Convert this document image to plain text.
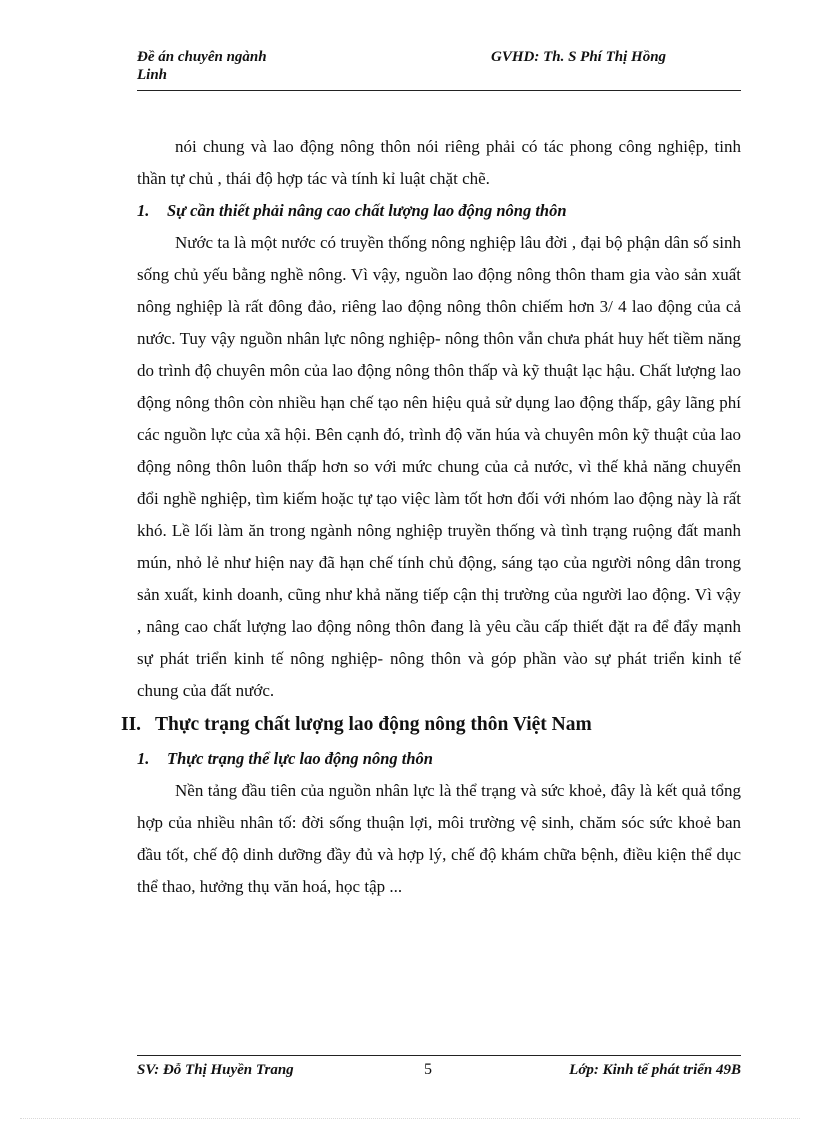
Đề án chuyên ngành
Linh
GVHD: Th. S Phí Thị Hồng

nói chung và lao động nông thôn nói riêng phải có tác phong công nghiệp, tinh thần tự chủ , thái độ hợp tác và tính kỉ luật chặt chẽ.

1. Sự cần thiết phải nâng cao chất lượng lao động nông thôn

Nước ta là một nước có truyền thống nông nghiệp lâu đời , đại bộ phận dân số sinh sống chủ yếu bằng nghề nông. Vì vậy, nguồn lao động nông thôn tham gia vào sản xuất nông nghiệp là rất đông đảo, riêng lao động nông thôn chiếm hơn 3/ 4 lao động của cả nước. Tuy vậy nguồn nhân lực nông nghiệp- nông thôn vẫn chưa phát huy hết tiềm năng do trình độ chuyên môn của lao động nông thôn thấp và kỹ thuật lạc hậu. Chất lượng lao động nông thôn còn nhiều hạn chế tạo nên hiệu quả sử dụng lao động thấp, gây lãng phí các nguồn lực của xã hội. Bên cạnh đó, trình độ văn húa và chuyên môn kỹ thuật của lao động nông thôn luôn thấp hơn so với mức chung của cả nước, vì thế khả năng chuyển đổi nghề nghiệp, tìm kiếm hoặc tự tạo việc làm tốt hơn đối với nhóm lao động này là rất khó. Lề lối làm ăn trong ngành nông nghiệp truyền thống và tình trạng ruộng đất manh mún, nhỏ lẻ như hiện nay đã hạn chế tính chủ động, sáng tạo của người nông dân trong sản xuất, kinh doanh, cũng như khả năng tiếp cận thị trường của người lao động. Vì vậy , nâng cao chất lượng lao động nông thôn đang là yêu cầu cấp thiết đặt ra để đẩy mạnh sự phát triển kinh tế nông nghiệp- nông thôn và góp phần vào sự phát triển kinh tế chung của đất nước.

II. Thực trạng chất lượng lao động nông thôn Việt Nam
1. Thực trạng thể lực lao động nông thôn

Nền tảng đầu tiên của nguồn nhân lực là thể trạng và sức khoẻ, đây là kết quả tổng hợp của nhiều nhân tố: đời sống thuận lợi, môi trường vệ sinh, chăm sóc sức khoẻ ban đầu tốt, chế độ dinh dưỡng đầy đủ và hợp lý, chế độ khám chữa bệnh, điều kiện thể dục thể thao, hưởng thụ văn hoá, học tập ...

SV: Đỗ Thị Huyền Trang	5	Lớp: Kinh tế phát triển 49B
